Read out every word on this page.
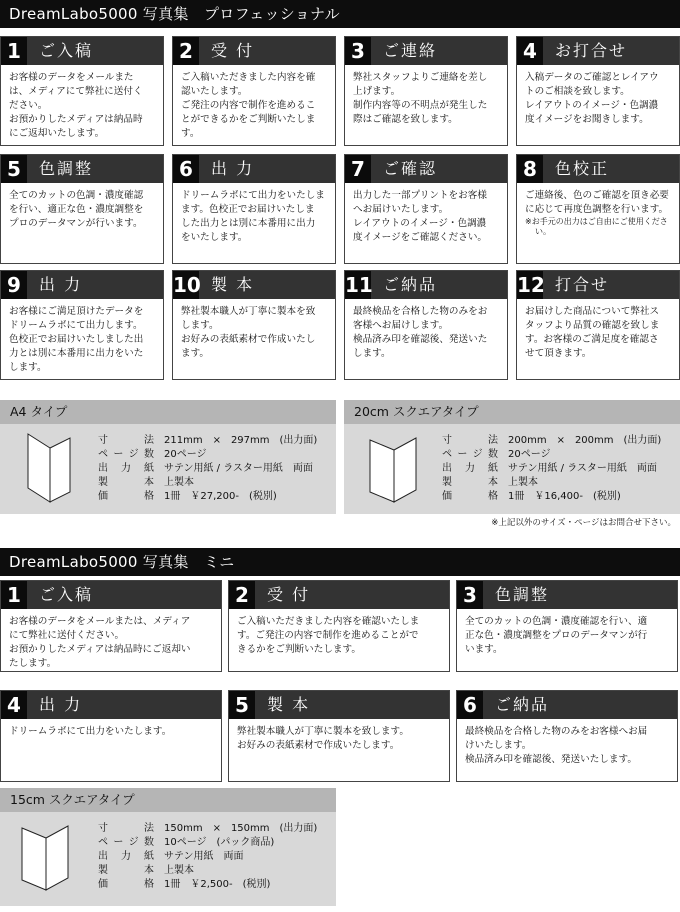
DreamLabo5000 写真集　プロフェッショナル
1	ご入稿

お客様のデータをメールまた

は、メディアにて弊社に送付く

ださい。

お預かりしたメディアは納品時

にご返却いたします。

2	受 付

ご入稿いただきました内容を確

認いたします。

ご発注の内容で制作を進めるこ

とができるかをご判断いたします。

3	ご連絡

弊社スタッフよりご連絡を差し

上げます。

制作内容等の不明点が発生した

際はご確認を致します。

4	お打合せ

入稿データのご確認とレイアウ

トのご相談を致します。

レイアウトのイメージ・色調濃

度イメージをお聞きします。

5	色調整

全てのカットの色調・濃度確認

を行い、適正な色・濃度調整を

プロのデータマンが行います。

6	出 力

ドリームラボにて出力をいたしま

ます。色校正でお届けいたしま

した出力とは別に本番用に出力

をいたします。

7	ご確認

出力した一部プリントをお客様

へお届けいたします。

レイアウトのイメージ・色調濃

度イメージをご確認ください。

8	色校正

ご連絡後、色のご確認を頂き必要

に応じて再度色調整を行います。

※お手元の出力はご自由にご使用ください。

9	出 力

お客様にご満足頂けたデータを

ドリームラボにて出力します。

色校正でお届けいたしました出

力とは別に本番用に出力をいた

します。

10 製 本

弊社製本職人が丁寧に製本を致

します。

お好みの表紙素材で作成いたし

ます。

11 ご納品

最終検品を合格した物のみをお

客様へお届けします。

検品済み印を確認後、発送いた

します。

12 打合せ

お届けした商品について弊社ス

タッフより品質の確認を致しま

す。お客様のご満足度を確認さ

せて頂きます。

A4 タイプ
寸　法 211mm　×　297mm　(出力面)
ページ数 20ページ
出力紙 サテン用紙 / ラスター用紙　両面
製　本 上製本
価　格 1冊　￥27,200-　(税別)
20cm スクエアタイプ
寸　法 200mm　×　200mm　(出力面)
ページ数 20ページ
出力紙 サテン用紙 / ラスター用紙　両面
製　本 上製本
価　格 1冊　￥16,400-　(税別)
※上記以外のサイズ・ページはお問合せ下さい。
DreamLabo5000 写真集　ミニ
1	ご入稿

お客様のデータをメールまたは、メディア

にて弊社に送付ください。

お預かりしたメディアは納品時にご返却い

たします。

2	受 付

ご入稿いただきました内容を確認いたしま

す。ご発注の内容で制作を進めることがで

きるかをご判断いたします。

3	色調整

全てのカットの色調・濃度確認を行い、適

正な色・濃度調整をプロのデータマンが行

います。

4	出 力

ドリームラボにて出力をいたします。

5	製 本

弊社製本職人が丁寧に製本を致します。

お好みの表紙素材で作成いたします。

6	ご納品

最終検品を合格した物のみをお客様へお届

けいたします。

検品済み印を確認後、発送いたします。

15cm スクエアタイプ
寸　法 150mm　×　150mm　(出力面)
ページ数 10ページ　(パック商品)
出力紙 サテン用紙　両面
製　本 上製本
価　格 1冊　￥2,500-　(税別)
